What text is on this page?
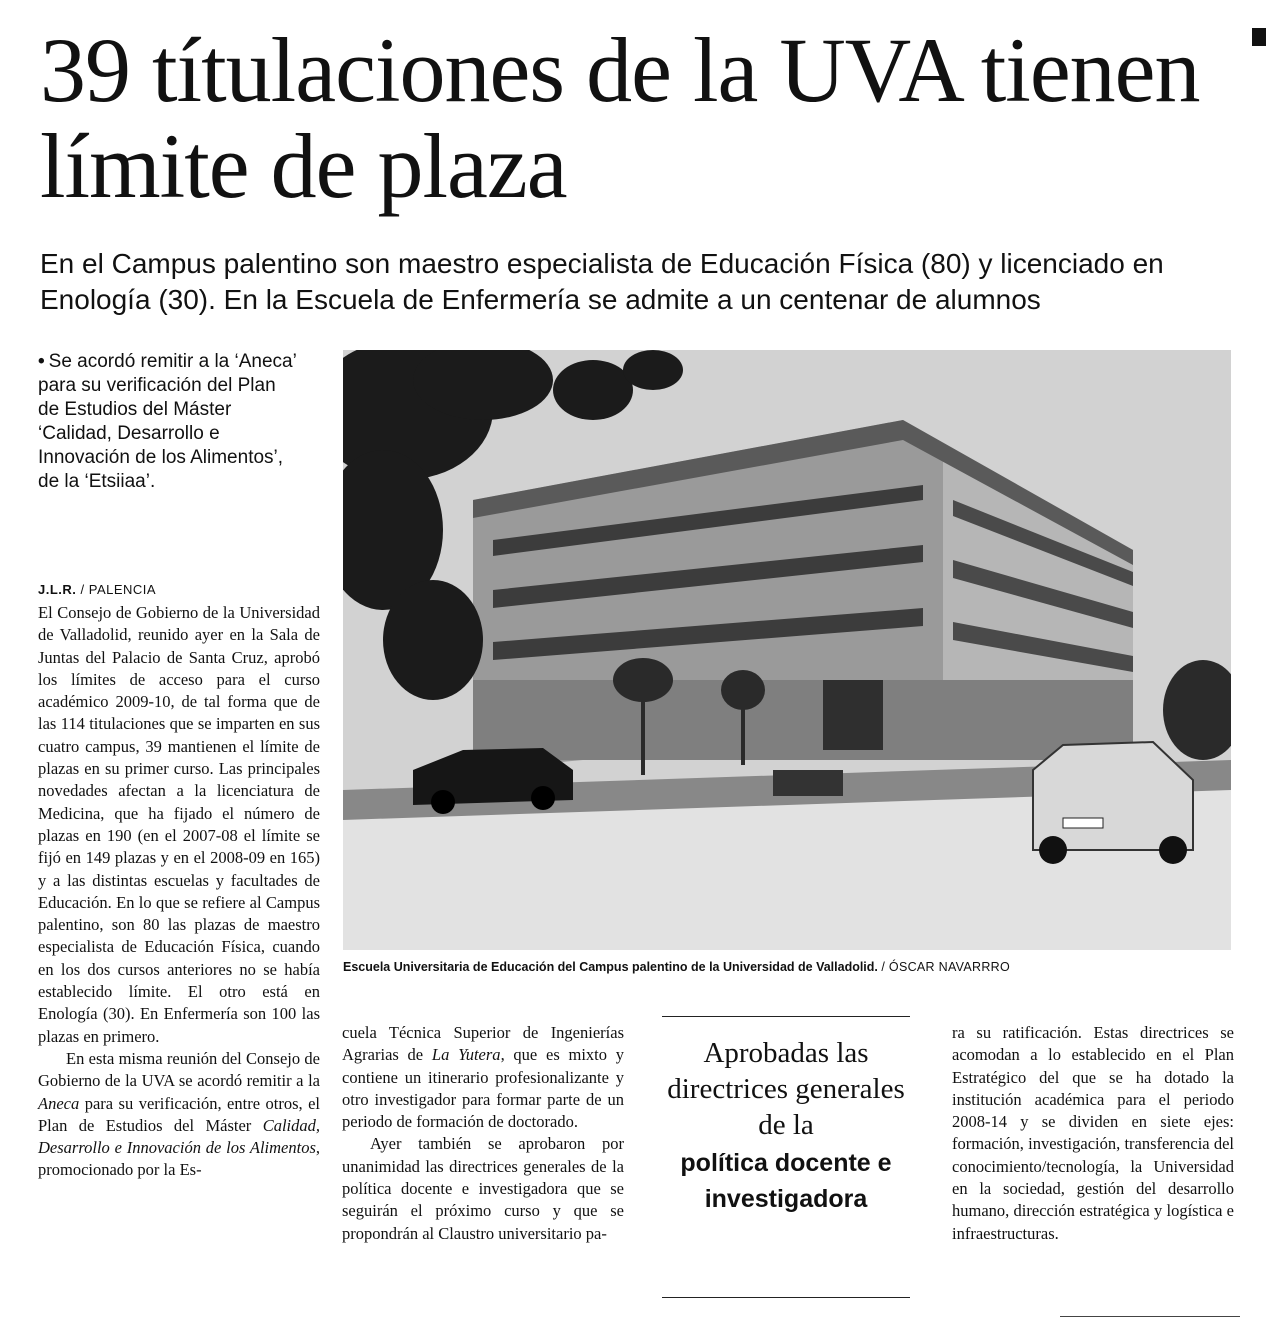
39 títulaciones de la UVA tienen límite de plaza

En el Campus palentino son maestro especialista de Educación Física (80) y licenciado en Enología (30). En la Escuela de Enfermería se admite a un centenar de alumnos

• Se acordó remitir a la ‘Aneca’ para su verificación del Plan de Estudios del Máster ‘Calidad, Desarrollo e Innovación de los Alimentos’, de la ‘Etsiiaa’.
J.L.R. / PALENCIA

El Consejo de Gobierno de la Universidad de Valladolid, reunido ayer en la Sala de Juntas del Palacio de Santa Cruz, aprobó los límites de acceso para el curso académico 2009-10, de tal forma que de las 114 titulaciones que se imparten en sus cuatro campus, 39 mantienen el límite de plazas en su primer curso. Las principales novedades afectan a la licenciatura de Medicina, que ha fijado el número de plazas en 190 (en el 2007-08 el límite se fijó en 149 plazas y en el 2008-09 en 165) y a las distintas escuelas y facultades de Educación. En lo que se refiere al Campus palentino, son 80 las plazas de maestro especialista de Educación Física, cuando en los dos cursos anteriores no se había establecido límite. El otro está en Enología (30). En Enfermería son 100 las plazas en primero.

En esta misma reunión del Consejo de Gobierno de la UVA se acordó remitir a la Aneca para su verificación, entre otros, el Plan de Estudios del Máster Calidad, Desarrollo e Innovación de los Alimentos, promocionado por la Es-

Escuela Universitaria de Educación del Campus palentino de la Universidad de Valladolid. / ÓSCAR NAVARRRO

cuela Técnica Superior de Ingenierías Agrarias de La Yutera, que es mixto y contiene un itinerario profesionalizante y otro investigador para formar parte de un periodo de formación de doctorado.

Ayer también se aprobaron por unanimidad las directrices generales de la política docente e investigadora que se seguirán el próximo curso y que se propondrán al Claustro universitario pa-

Aprobadas las directrices generales de la
política docente e investigadora

ra su ratificación. Estas directrices se acomodan a lo establecido en el Plan Estratégico del que se ha dotado la institución académica para el periodo 2008-14 y se dividen en siete ejes: formación, investigación, transferencia del conocimiento/tecnología, la Universidad en la sociedad, gestión del desarrollo humano, dirección estratégica y logística e infraestructuras.
